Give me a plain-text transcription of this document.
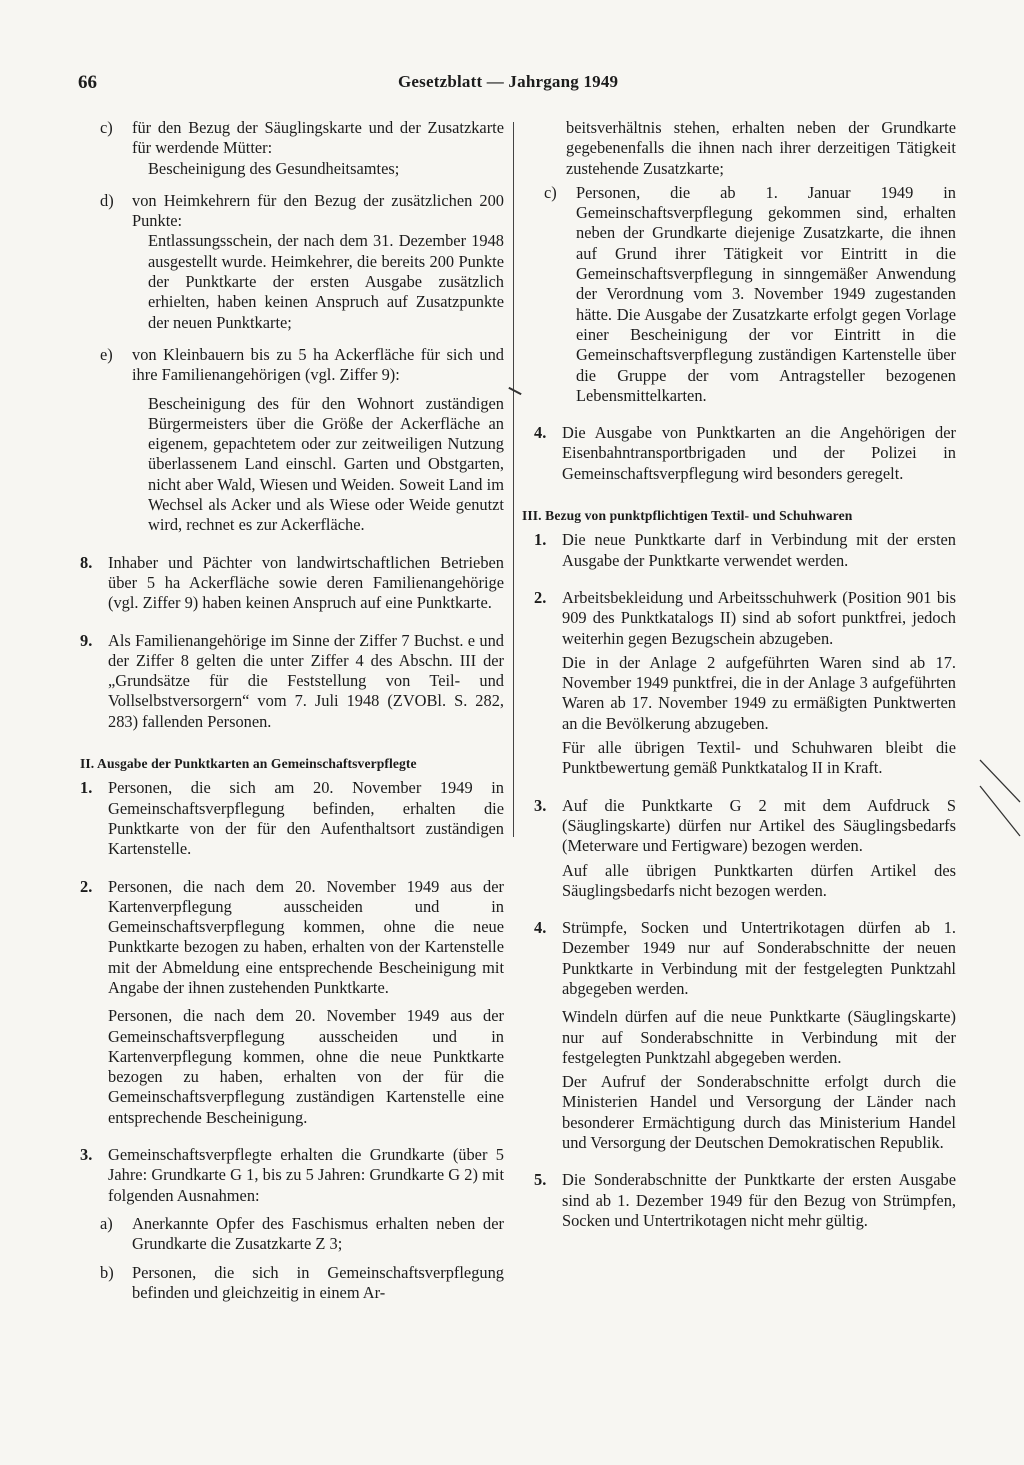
66	Gesetzblatt — Jahrgang 1949
c)	für den Bezug der Säuglingskarte und der Zusatzkarte für werdende Mütter:
Bescheinigung des Gesundheitsamtes;
d)	von Heimkehrern für den Bezug der zusätzlichen 200 Punkte:
Entlassungsschein, der nach dem 31. Dezember 1948 ausgestellt wurde. Heimkehrer, die bereits 200 Punkte der Punktkarte der ersten Ausgabe zusätzlich erhielten, haben keinen Anspruch auf Zusatzpunkte der neuen Punktkarte;
e)	von Kleinbauern bis zu 5 ha Ackerfläche für sich und ihre Familienangehörigen (vgl. Ziffer 9):
Bescheinigung des für den Wohnort zuständigen Bürgermeisters über die Größe der Ackerfläche an eigenem, gepachtetem oder zur zeitweiligen Nutzung überlassenem Land einschl. Garten und Obstgarten, nicht aber Wald, Wiesen und Weiden. Soweit Land im Wechsel als Acker und als Wiese oder Weide genutzt wird, rechnet es zur Ackerfläche.
8. Inhaber und Pächter von landwirtschaftlichen Betrieben über 5 ha Ackerfläche sowie deren Familienangehörige (vgl. Ziffer 9) haben keinen Anspruch auf eine Punktkarte.
9. Als Familienangehörige im Sinne der Ziffer 7 Buchst. e und der Ziffer 8 gelten die unter Ziffer 4 des Abschn. III der „Grundsätze für die Feststellung von Teil- und Vollselbstversorgern“ vom 7. Juli 1948 (ZVOBl. S. 282, 283) fallenden Personen.
II. Ausgabe der Punktkarten an Gemeinschaftsverpflegte
1. Personen, die sich am 20. November 1949 in Gemeinschaftsverpflegung befinden, erhalten die Punktkarte von der für den Aufenthaltsort zuständigen Kartenstelle.
2. Personen, die nach dem 20. November 1949 aus der Kartenverpflegung ausscheiden und in Gemeinschaftsverpflegung kommen, ohne die neue Punktkarte bezogen zu haben, erhalten von der Kartenstelle mit der Abmeldung eine entsprechende Bescheinigung mit Angabe der ihnen zustehenden Punktkarte.
Personen, die nach dem 20. November 1949 aus der Gemeinschaftsverpflegung ausscheiden und in Kartenverpflegung kommen, ohne die neue Punktkarte bezogen zu haben, erhalten von der für die Gemeinschaftsverpflegung zuständigen Kartenstelle eine entsprechende Bescheinigung.
3. Gemeinschaftsverpflegte erhalten die Grundkarte (über 5 Jahre: Grundkarte G 1, bis zu 5 Jahren: Grundkarte G 2) mit folgenden Ausnahmen:
a)	Anerkannte Opfer des Faschismus erhalten neben der Grundkarte die Zusatzkarte Z 3;
b)	Personen, die sich in Gemeinschaftsverpflegung befinden und gleichzeitig in einem Ar-
beitsverhältnis stehen, erhalten neben der Grundkarte gegebenenfalls die ihnen nach ihrer derzeitigen Tätigkeit zustehende Zusatzkarte;
c)	Personen, die ab 1. Januar 1949 in Gemeinschaftsverpflegung gekommen sind, erhalten neben der Grundkarte diejenige Zusatzkarte, die ihnen auf Grund ihrer Tätigkeit vor Eintritt in die Gemeinschaftsverpflegung in sinngemäßer Anwendung der Verordnung vom 3. November 1949 zugestanden hätte. Die Ausgabe der Zusatzkarte erfolgt gegen Vorlage einer Bescheinigung der vor Eintritt in die Gemeinschaftsverpflegung zuständigen Kartenstelle über die Gruppe der vom Antragsteller bezogenen Lebensmittelkarten.
4. Die Ausgabe von Punktkarten an die Angehörigen der Eisenbahntransportbrigaden und der Polizei in Gemeinschaftsverpflegung wird besonders geregelt.
III. Bezug von punktpflichtigen Textil- und Schuhwaren
1. Die neue Punktkarte darf in Verbindung mit der ersten Ausgabe der Punktkarte verwendet werden.
2. Arbeitsbekleidung und Arbeitsschuhwerk (Position 901 bis 909 des Punktkatalogs II) sind ab sofort punktfrei, jedoch weiterhin gegen Bezugschein abzugeben.
Die in der Anlage 2 aufgeführten Waren sind ab 17. November 1949 punktfrei, die in der Anlage 3 aufgeführten Waren ab 17. November 1949 zu ermäßigten Punktwerten an die Bevölkerung abzugeben.
Für alle übrigen Textil- und Schuhwaren bleibt die Punktbewertung gemäß Punktkatalog II in Kraft.
3. Auf die Punktkarte G 2 mit dem Aufdruck S (Säuglingskarte) dürfen nur Artikel des Säuglingsbedarfs (Meterware und Fertigware) bezogen werden.
Auf alle übrigen Punktkarten dürfen Artikel des Säuglingsbedarfs nicht bezogen werden.
4. Strümpfe, Socken und Untertrikotagen dürfen ab 1. Dezember 1949 nur auf Sonderabschnitte der neuen Punktkarte in Verbindung mit der festgelegten Punktzahl abgegeben werden.
Windeln dürfen auf die neue Punktkarte (Säuglingskarte) nur auf Sonderabschnitte in Verbindung mit der festgelegten Punktzahl abgegeben werden.
Der Aufruf der Sonderabschnitte erfolgt durch die Ministerien Handel und Versorgung der Länder nach besonderer Ermächtigung durch das Ministerium Handel und Versorgung der Deutschen Demokratischen Republik.
5. Die Sonderabschnitte der Punktkarte der ersten Ausgabe sind ab 1. Dezember 1949 für den Bezug von Strümpfen, Socken und Untertrikotagen nicht mehr gültig.
